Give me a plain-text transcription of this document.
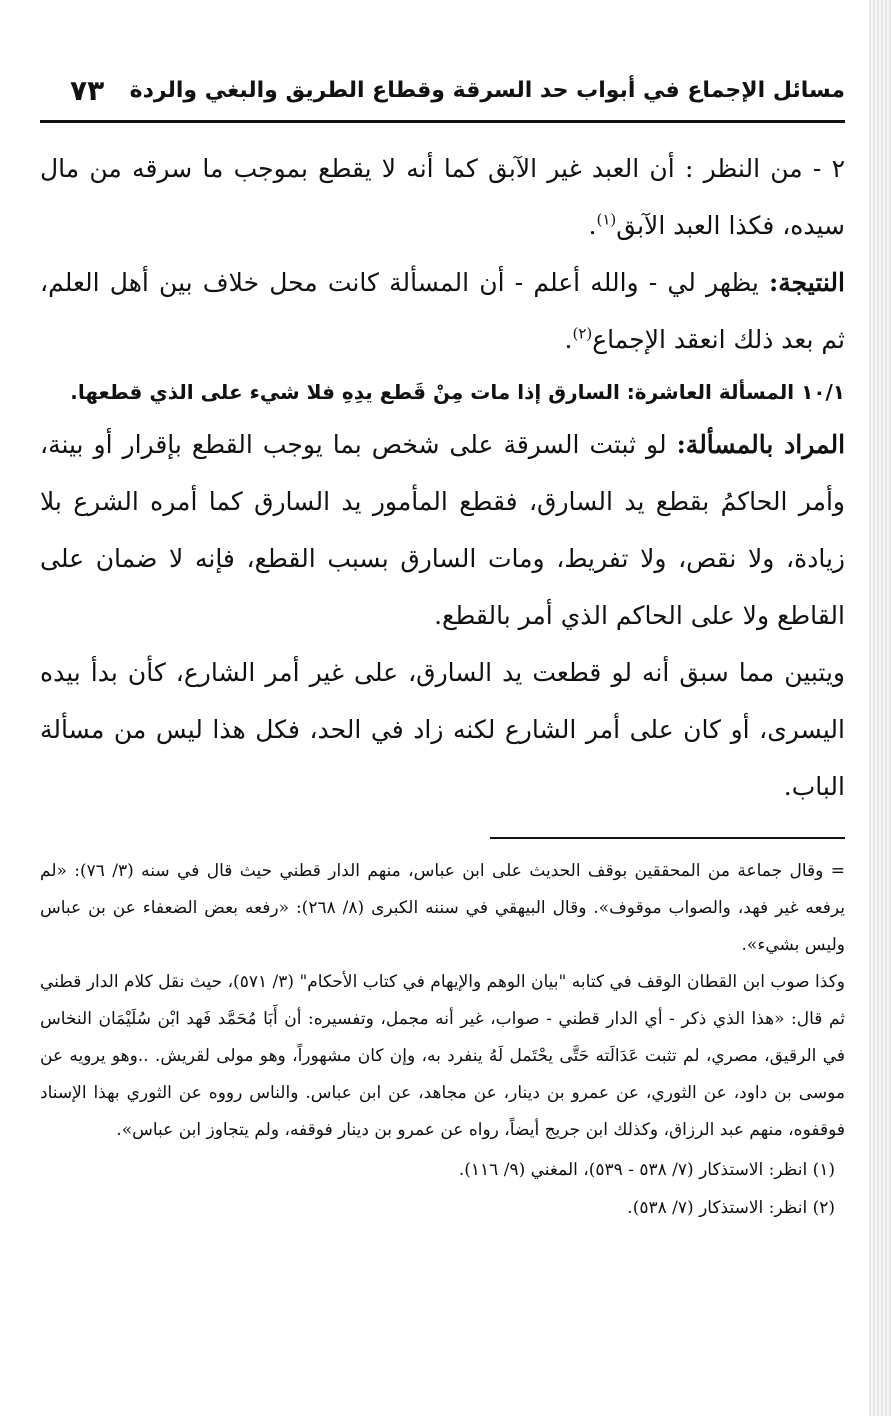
مسائل الإجماع في أبواب حد السرقة وقطاع الطريق والبغي والردة
٧٣

٢ - من النظر : أن العبد غير الآبق كما أنه لا يقطع بموجب ما سرقه من مال سيده، فكذا العبد الآبق$^{(١)}$.

النتيجة: يظهر لي - والله أعلم - أن المسألة كانت محل خلاف بين أهل العلم، ثم بعد ذلك انعقد الإجماع$^{(٢)}$.

١٠/١ المسألة العاشرة: السارق إذا مات مِنْ قَطع يدِهِ فلا شيء على الذي قطعها.

المراد بالمسألة: لو ثبتت السرقة على شخص بما يوجب القطع بإقرار أو بينة، وأمر الحاكمُ بقطع يد السارق، فقطع المأمور يد السارق كما أمره الشرع بلا زيادة، ولا نقص، ولا تفريط، ومات السارق بسبب القطع، فإنه لا ضمان على القاطع ولا على الحاكم الذي أمر بالقطع.

ويتبين مما سبق أنه لو قطعت يد السارق، على غير أمر الشارع، كأن بدأ بيده اليسرى، أو كان على أمر الشارع لكنه زاد في الحد، فكل هذا ليس من مسألة الباب.

= وقال جماعة من المحققين بوقف الحديث على ابن عباس، منهم الدار قطني حيث قال في سنه (٣/ ٧٦): «لم يرفعه غير فهد، والصواب موقوف». وقال البيهقي في سننه الكبرى (٨/ ٢٦٨): «رفعه بعض الضعفاء عن بن عباس وليس بشيء».

وكذا صوب ابن القطان الوقف في كتابه "بيان الوهم والإيهام في كتاب الأحكام" (٣/ ٥٧١)، حيث نقل كلام الدار قطني ثم قال: «هذا الذي ذكر - أي الدار قطني - صواب، غير أنه مجمل، وتفسيره: أن أَبَا مُحَمَّد فَهد ابْن سُلَيْمَان النخاس في الرقيق، مصري، لم تثبت عَدَالَته حَتَّى يحْتَمل لَهُ ينفرد به، وإن كان مشهوراً، وهو مولى لقريش. ..وهو يرويه عن موسى بن داود، عن الثوري، عن عمرو بن دينار، عن مجاهد، عن ابن عباس. والناس رووه عن الثوري بهذا الإسناد فوقفوه، منهم عبد الرزاق، وكذلك ابن جريج أيضاً، رواه عن عمرو بن دينار فوقفه، ولم يتجاوز ابن عباس».

(١) انظر: الاستذكار (٧/ ٥٣٨ - ٥٣٩)، المغني (٩/ ١١٦).

(٢) انظر: الاستذكار (٧/ ٥٣٨).
